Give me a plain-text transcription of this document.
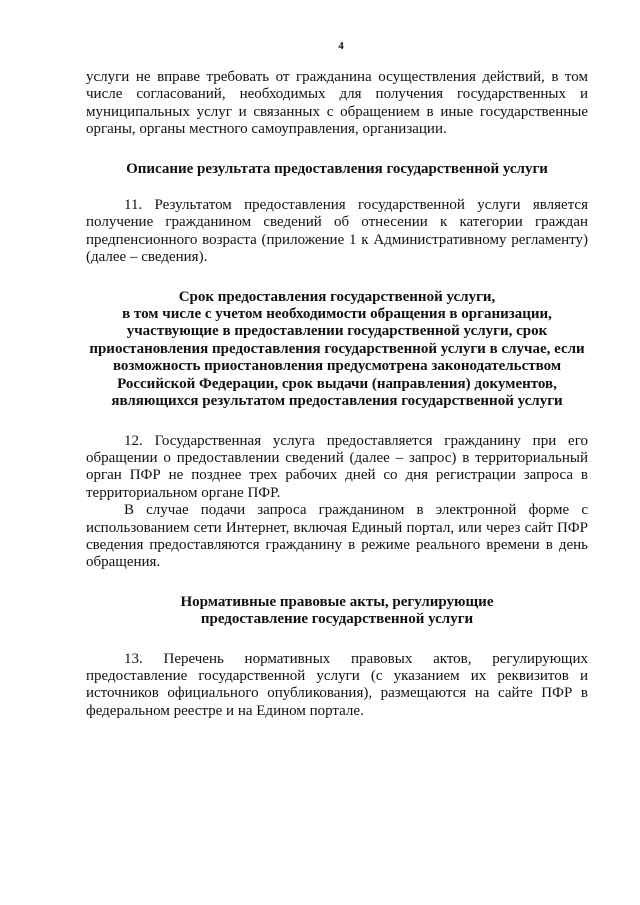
4

услуги не вправе требовать от гражданина осуществления действий, в том числе согласований, необходимых для получения государственных и муниципальных услуг и связанных с обращением в иные государственные органы, органы местного самоуправления, организации.

Описание результата предоставления государственной услуги

11. Результатом предоставления государственной услуги является получение гражданином сведений об отнесении к категории граждан предпенсионного возраста (приложение 1 к Административному регламенту) (далее – сведения).

Срок предоставления государственной услуги,

в том числе с учетом необходимости обращения в организации,

участвующие в предоставлении государственной услуги, срок

приостановления предоставления государственной услуги в случае, если

возможность приостановления предусмотрена законодательством

Российской Федерации, срок выдачи (направления) документов,

являющихся результатом предоставления государственной услуги

12. Государственная услуга предоставляется гражданину при его обращении о предоставлении сведений (далее – запрос) в территориальный орган ПФР не позднее трех рабочих дней со дня регистрации запроса в территориальном органе ПФР.

В случае подачи запроса гражданином в электронной форме с использованием сети Интернет, включая Единый портал, или через сайт ПФР сведения предоставляются гражданину в режиме реального времени в день обращения.

Нормативные правовые акты, регулирующие

предоставление государственной услуги

13. Перечень нормативных правовых актов, регулирующих предоставление государственной услуги (с указанием их реквизитов и источников официального опубликования), размещаются на сайте ПФР в федеральном реестре и на Едином портале.
